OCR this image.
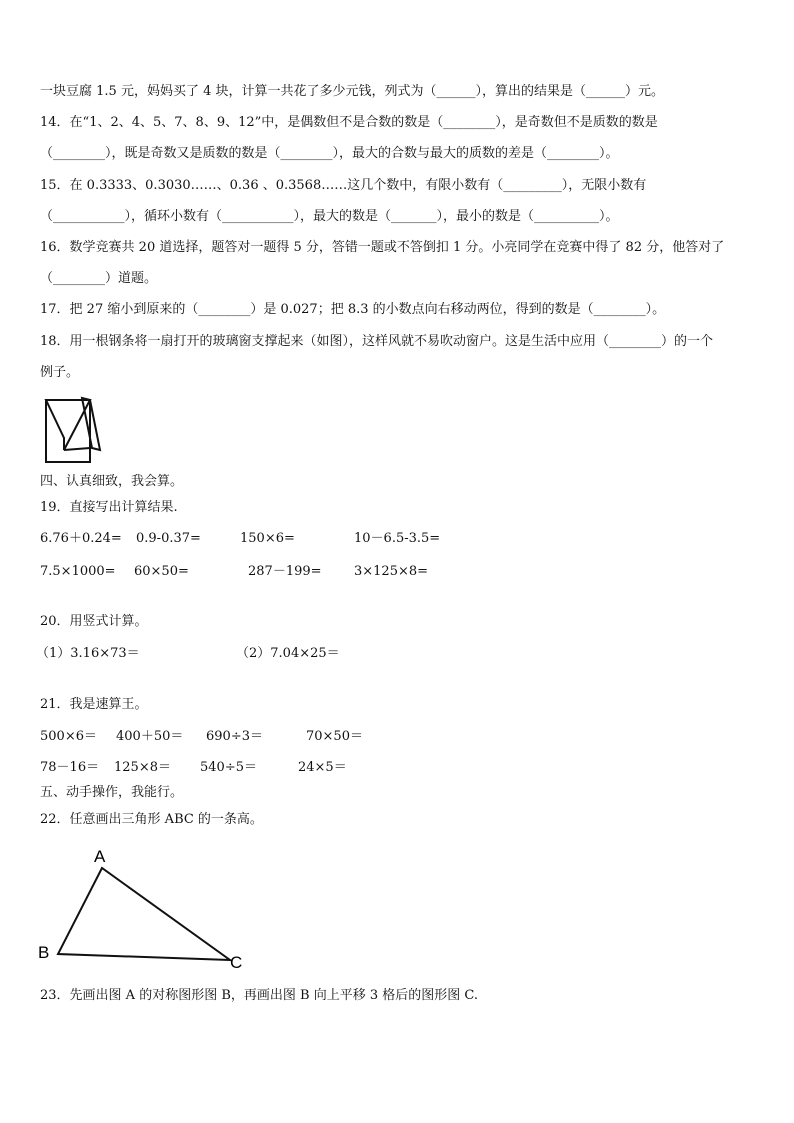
一块豆腐 1.5 元，妈妈买了 4 块，计算一共花了多少元钱，列式为（______），算出的结果是（______）元。
14．在“1、2、4、5、7、8、9、12”中，是偶数但不是合数的数是（________），是奇数但不是质数的数是
（________），既是奇数又是质数的数是（________），最大的合数与最大的质数的差是（________）。
15．在 0.3333、0.3030……、0.36 、0.3568……这几个数中，有限小数有（_________），无限小数有
（___________），循环小数有（___________），最大的数是（_______），最小的数是（__________）。
16．数学竞赛共 20 道选择，题答对一题得 5 分，答错一题或不答倒扣 1 分。小亮同学在竞赛中得了 82 分，他答对了
（________）道题。
17．把 27 缩小到原来的（________）是 0.027；把 8.3 的小数点向右移动两位，得到的数是（________）。
18．用一根钢条将一扇打开的玻璃窗支撑起来（如图），这样风就不易吹动窗户。这是生活中应用（________）的一个
例子。
四、认真细致，我会算。
19．直接写出计算结果.
6.76＋0.24= 0.9-0.37=	150×6=	10－6.5-3.5=
7.5×1000= 60×50=	287－199= 3×125×8=
20．用竖式计算。
（1）3.16×73＝	（2）7.04×25＝
21．我是速算王。
500×6＝ 400＋50＝ 690÷3＝	70×50＝
78－16＝ 125×8＝ 540÷5＝	24×5＝
五、动手操作，我能行。
22．任意画出三角形 ABC 的一条高。
A
B
C
23．先画出图 A 的对称图形图 B，再画出图 B 向上平移 3 格后的图形图 C.
